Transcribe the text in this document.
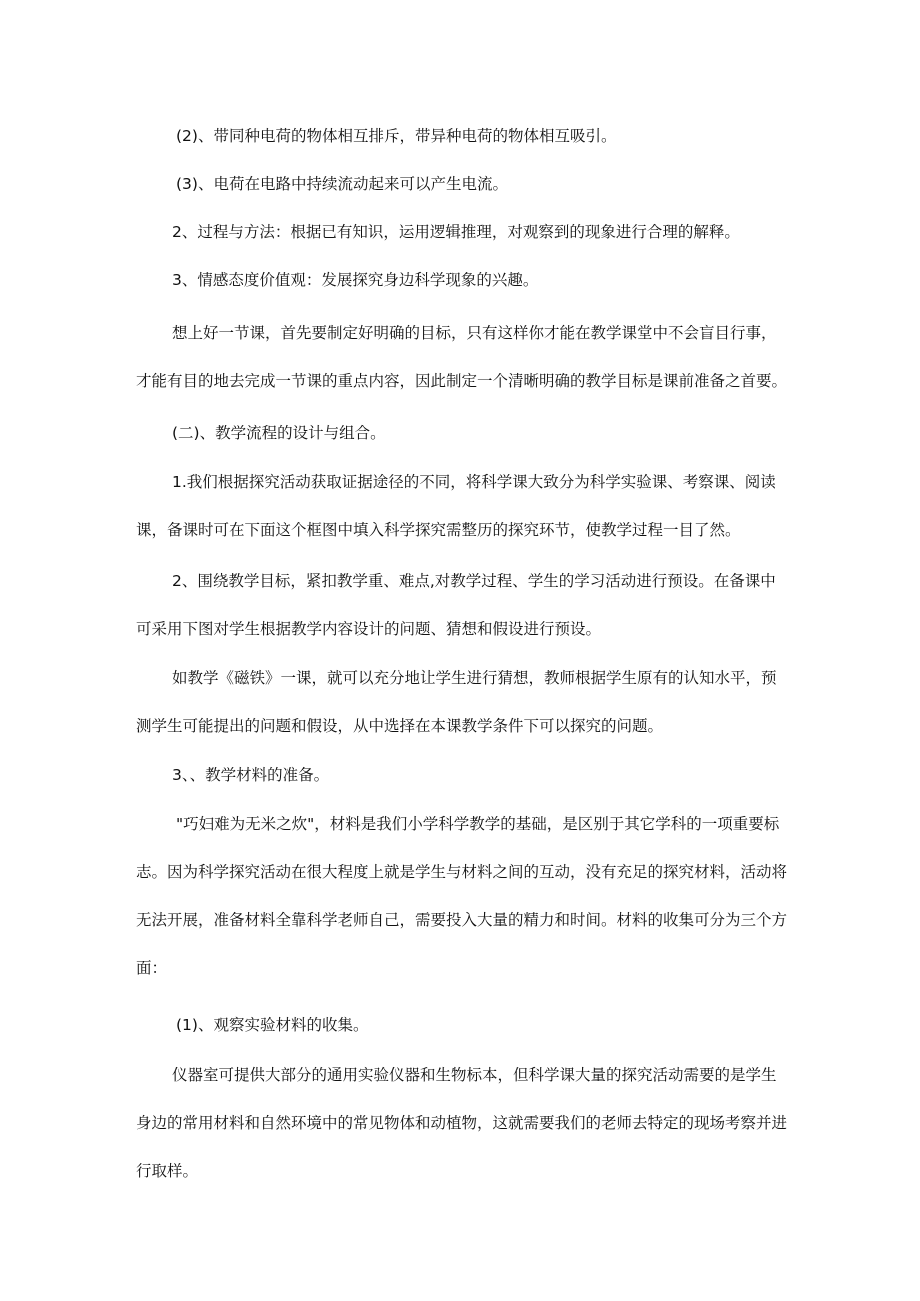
(2)、带同种电荷的物体相互排斥，带异种电荷的物体相互吸引。

(3)、电荷在电路中持续流动起来可以产生电流。

2、过程与方法：根据已有知识，运用逻辑推理，对观察到的现象进行合理的解释。

3、情感态度价值观：发展探究身边科学现象的兴趣。

想上好一节课，首先要制定好明确的目标，只有这样你才能在教学课堂中不会盲目行事，才能有目的地去完成一节课的重点内容，因此制定一个清晰明确的教学目标是课前准备之首要。

(二)、教学流程的设计与组合。

1.我们根据探究活动获取证据途径的不同，将科学课大致分为科学实验课、考察课、阅读课，备课时可在下面这个框图中填入科学探究需整历的探究环节，使教学过程一目了然。

2、围绕教学目标，紧扣教学重、难点,对教学过程、学生的学习活动进行预设。在备课中可采用下图对学生根据教学内容设计的问题、猜想和假设进行预设。

如教学《磁铁》一课，就可以充分地让学生进行猜想，教师根据学生原有的认知水平，预测学生可能提出的问题和假设，从中选择在本课教学条件下可以探究的问题。

3、、教学材料的准备。

"巧妇难为无米之炊"，材料是我们小学科学教学的基础，是区别于其它学科的一项重要标志。因为科学探究活动在很大程度上就是学生与材料之间的互动，没有充足的探究材料，活动将无法开展，准备材料全靠科学老师自己，需要投入大量的精力和时间。材料的收集可分为三个方面：

(1)、观察实验材料的收集。

仪器室可提供大部分的通用实验仪器和生物标本，但科学课大量的探究活动需要的是学生身边的常用材料和自然环境中的常见物体和动植物，这就需要我们的老师去特定的现场考察并进行取样。
